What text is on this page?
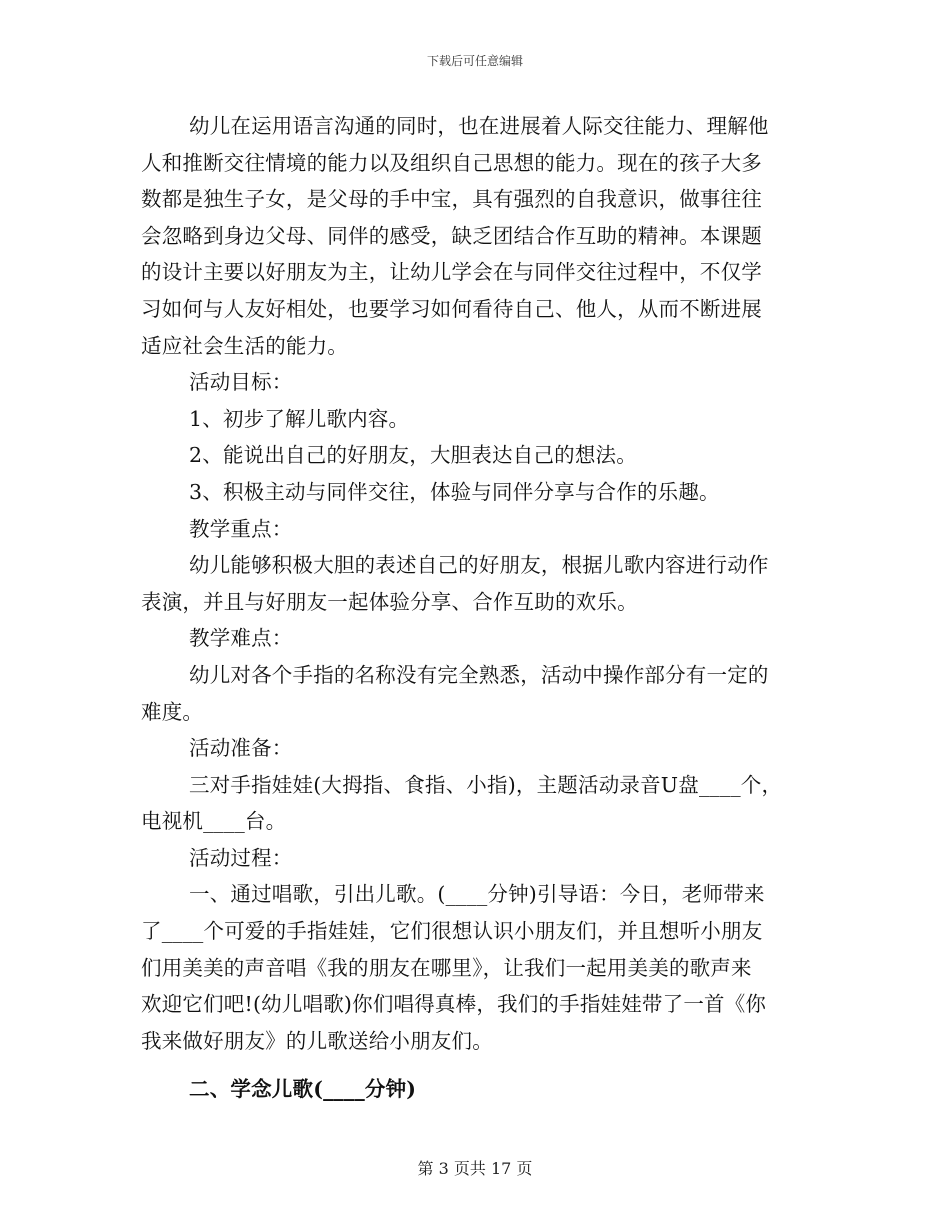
下载后可任意编辑
幼儿在运用语言沟通的同时，也在进展着人际交往能力、理解他
人和推断交往情境的能力以及组织自己思想的能力。现在的孩子大多
数都是独生子女，是父母的手中宝，具有强烈的自我意识，做事往往
会忽略到身边父母、同伴的感受，缺乏团结合作互助的精神。本课题
的设计主要以好朋友为主，让幼儿学会在与同伴交往过程中，不仅学
习如何与人友好相处，也要学习如何看待自己、他人，从而不断进展
适应社会生活的能力。
活动目标：
1、初步了解儿歌内容。
2、能说出自己的好朋友，大胆表达自己的想法。
3、积极主动与同伴交往，体验与同伴分享与合作的乐趣。
教学重点：
幼儿能够积极大胆的表述自己的好朋友，根据儿歌内容进行动作
表演，并且与好朋友一起体验分享、合作互助的欢乐。
教学难点：
幼儿对各个手指的名称没有完全熟悉，活动中操作部分有一定的
难度。
活动准备：
三对手指娃娃(大拇指、食指、小指)，主题活动录音U盘____个，
电视机____台。
活动过程：
一、通过唱歌，引出儿歌。(____分钟)引导语：今日，老师带来
了____个可爱的手指娃娃，它们很想认识小朋友们，并且想听小朋友
们用美美的声音唱《我的朋友在哪里》，让我们一起用美美的歌声来
欢迎它们吧!(幼儿唱歌)你们唱得真棒，我们的手指娃娃带了一首《你
我来做好朋友》的儿歌送给小朋友们。
二、学念儿歌(____分钟)
第 3 页共 17 页
